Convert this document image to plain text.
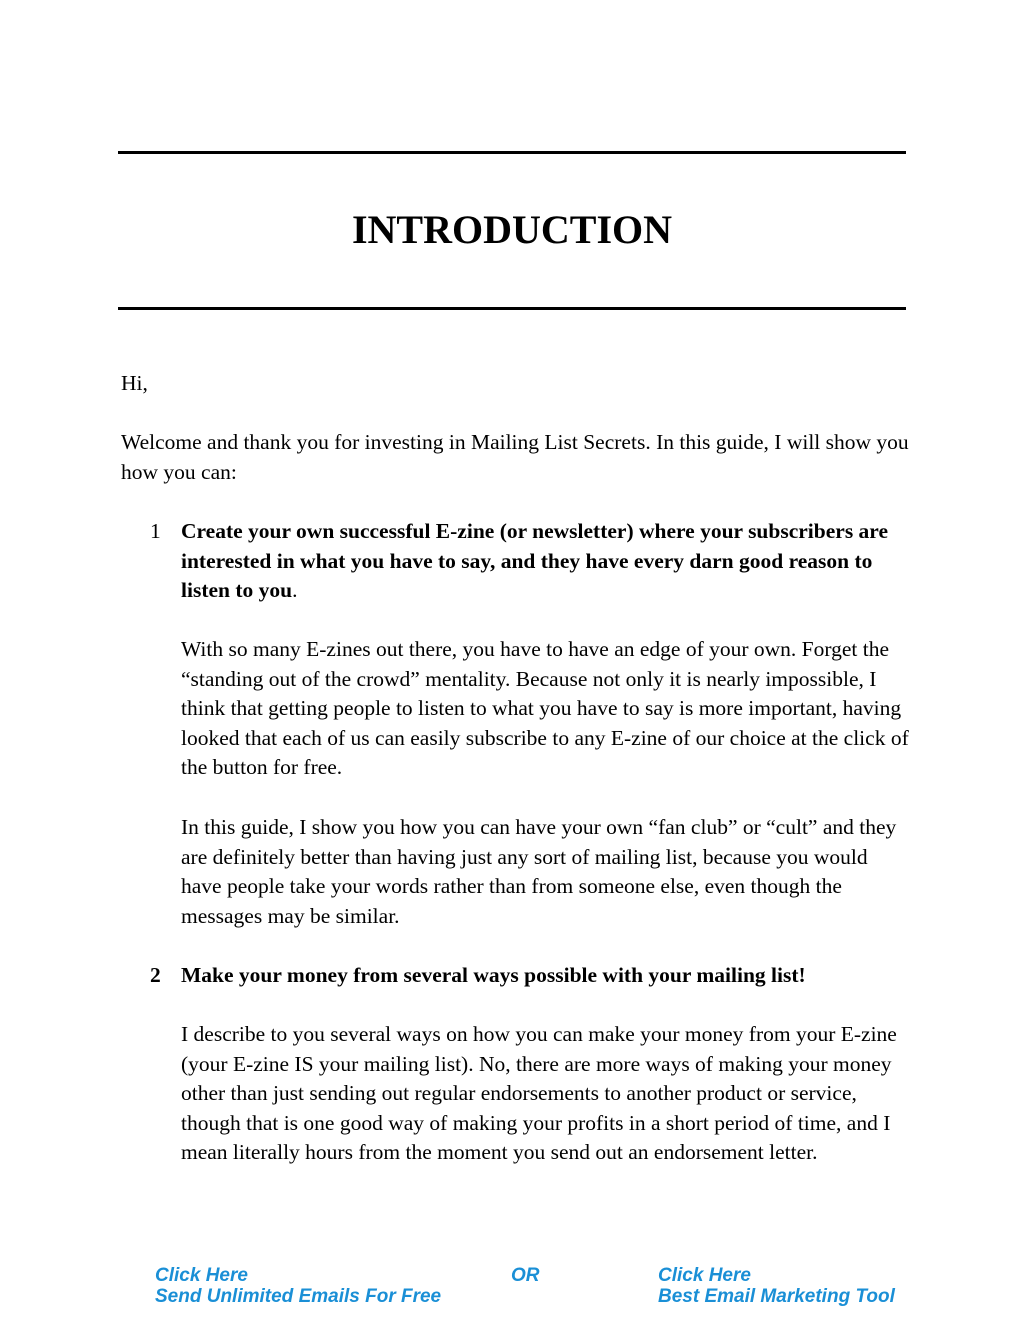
INTRODUCTION
Hi,
Welcome and thank you for investing in Mailing List Secrets. In this guide, I will show you how you can:
1 Create your own successful E-zine (or newsletter) where your subscribers are interested in what you have to say, and they have every darn good reason to listen to you.
With so many E-zines out there, you have to have an edge of your own. Forget the “standing out of the crowd” mentality. Because not only it is nearly impossible, I think that getting people to listen to what you have to say is more important, having looked that each of us can easily subscribe to any E-zine of our choice at the click of the button for free.
In this guide, I show you how you can have your own “fan club” or “cult” and they are definitely better than having just any sort of mailing list, because you would have people take your words rather than from someone else, even though the messages may be similar.
2 Make your money from several ways possible with your mailing list!
I describe to you several ways on how you can make your money from your E-zine (your E-zine IS your mailing list). No, there are more ways of making your money other than just sending out regular endorsements to another product or service, though that is one good way of making your profits in a short period of time, and I mean literally hours from the moment you send out an endorsement letter.
Click Here
Send Unlimited Emails For Free
OR	Click Here
Best Email Marketing Tool
